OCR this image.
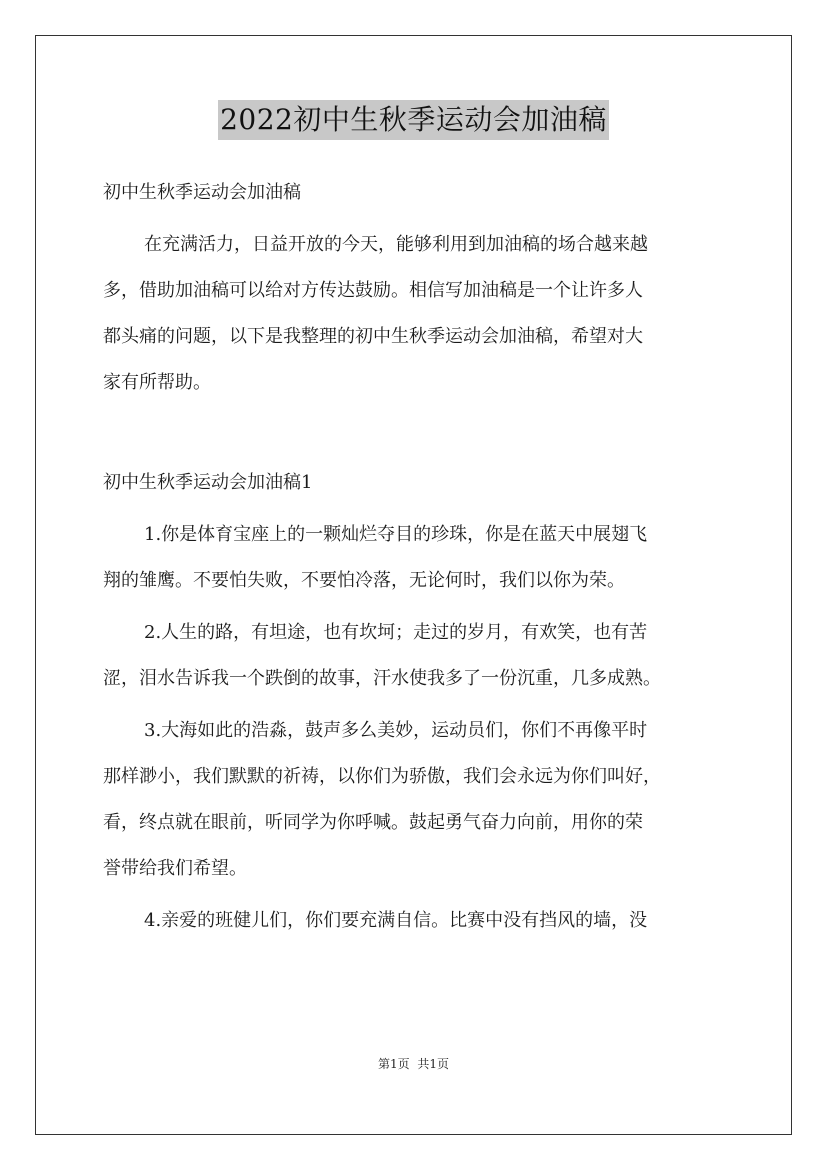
2022初中生秋季运动会加油稿
初中生秋季运动会加油稿
在充满活力，日益开放的今天，能够利用到加油稿的场合越来越
多，借助加油稿可以给对方传达鼓励。相信写加油稿是一个让许多人
都头痛的问题，以下是我整理的初中生秋季运动会加油稿，希望对大
家有所帮助。
初中生秋季运动会加油稿1
1.你是体育宝座上的一颗灿烂夺目的珍珠，你是在蓝天中展翅飞
翔的雏鹰。不要怕失败，不要怕冷落，无论何时，我们以你为荣。
2.人生的路，有坦途，也有坎坷；走过的岁月，有欢笑，也有苦
涩，泪水告诉我一个跌倒的故事，汗水使我多了一份沉重，几多成熟。
3.大海如此的浩淼，鼓声多么美妙，运动员们，你们不再像平时
那样渺小，我们默默的祈祷，以你们为骄傲，我们会永远为你们叫好，
看，终点就在眼前，听同学为你呼喊。鼓起勇气奋力向前，用你的荣
誉带给我们希望。
4.亲爱的班健儿们，你们要充满自信。比赛中没有挡风的墙，没
第1页 共1页
